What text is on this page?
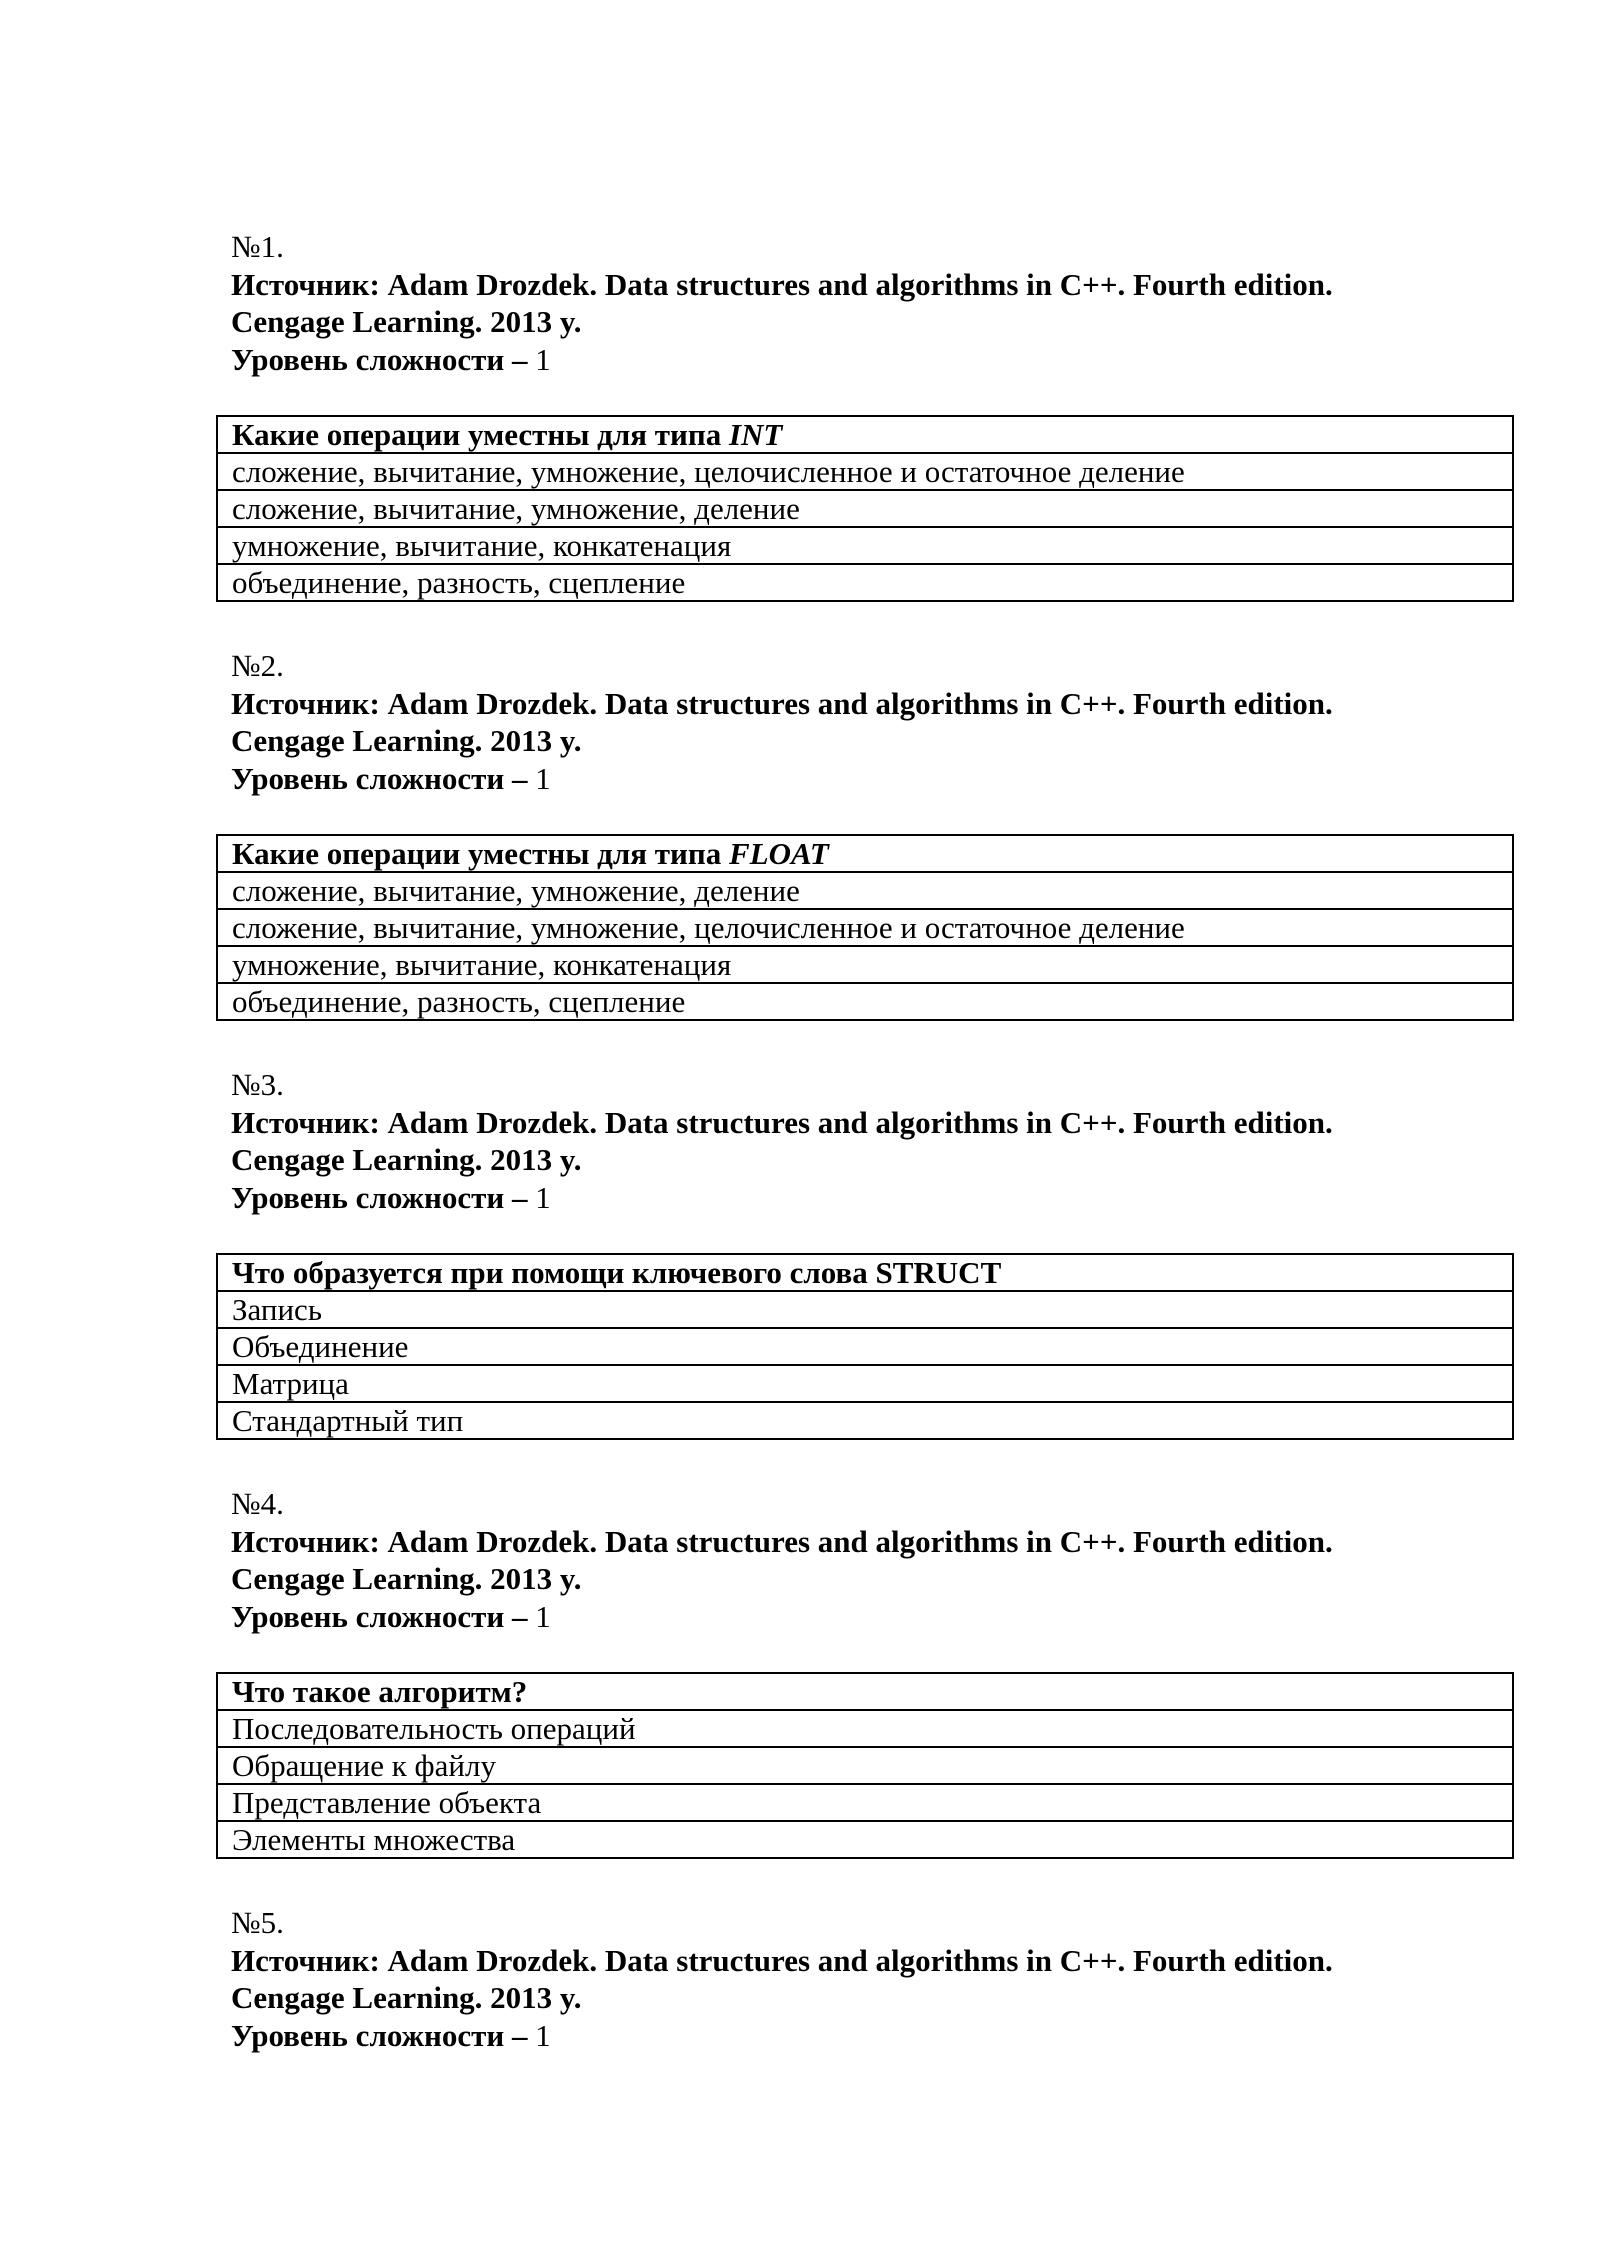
№1.
Источник: Adam Drozdek. Data structures and algorithms in C++. Fourth edition.
Cengage Learning. 2013 y.
Уровень сложности – 1
Какие операции уместны для типа INT
сложение, вычитание, умножение, целочисленное и остаточное деление
сложение, вычитание, умножение, деление
умножение, вычитание, конкатенация
объединение, разность, сцепление
№2.
Источник: Adam Drozdek. Data structures and algorithms in C++. Fourth edition.
Cengage Learning. 2013 y.
Уровень сложности – 1
Какие операции уместны для типа FLOAT
сложение, вычитание, умножение, деление
сложение, вычитание, умножение, целочисленное и остаточное деление
умножение, вычитание, конкатенация
объединение, разность, сцепление
№3.
Источник: Adam Drozdek. Data structures and algorithms in C++. Fourth edition.
Cengage Learning. 2013 y.
Уровень сложности – 1
Что образуется при помощи ключевого слова STRUCT
Запись
Объединение
Матрица
Стандартный тип
№4.
Источник: Adam Drozdek. Data structures and algorithms in C++. Fourth edition.
Cengage Learning. 2013 y.
Уровень сложности – 1
Что такое алгоритм?
Последовательность операций
Обращение к файлу
Представление объекта
Элементы множества
№5.
Источник: Adam Drozdek. Data structures and algorithms in C++. Fourth edition.
Cengage Learning. 2013 y.
Уровень сложности – 1
